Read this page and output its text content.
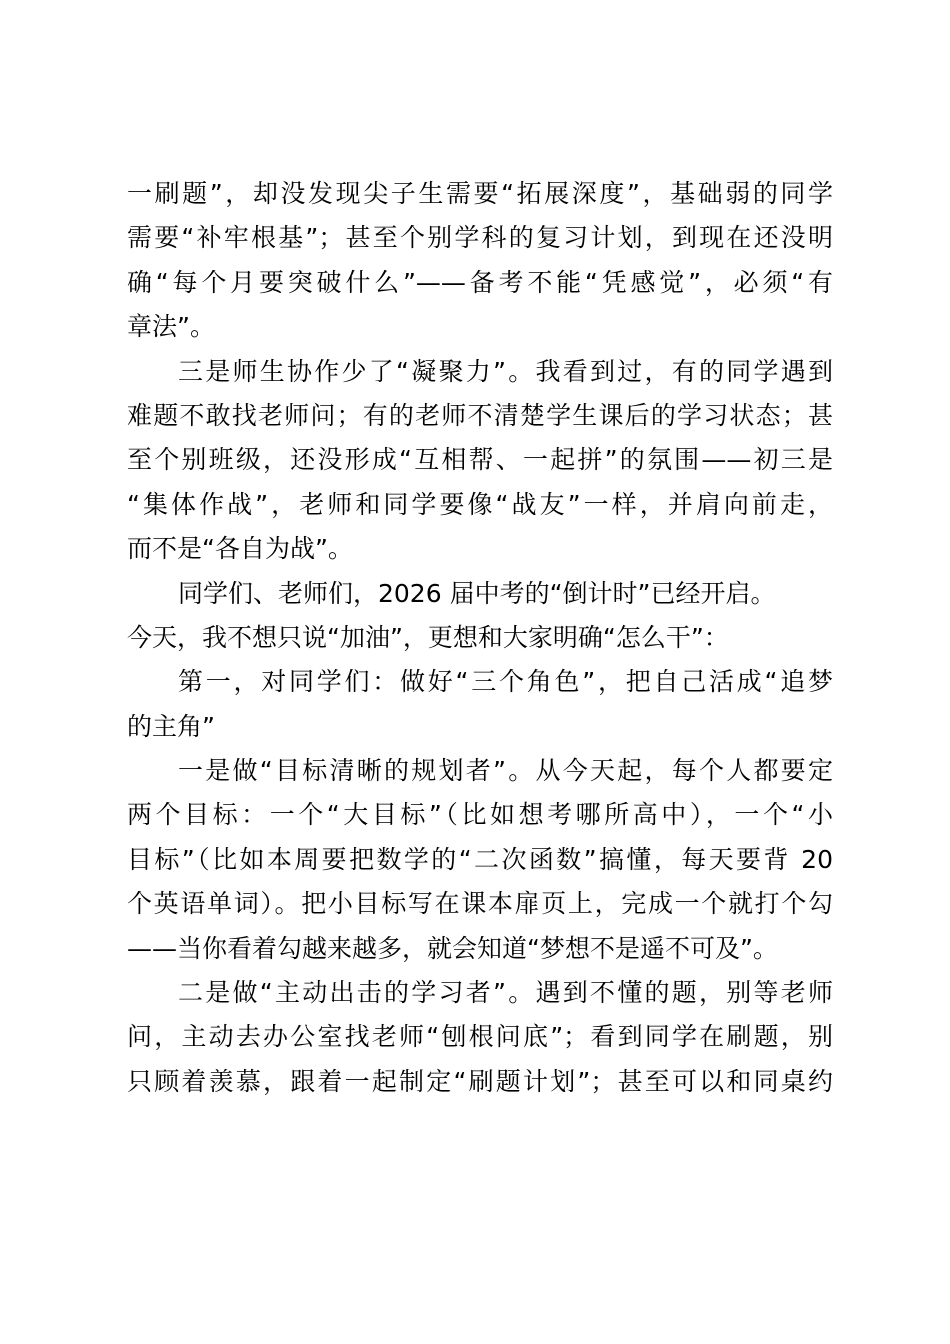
一刷题”，却没发现尖子生需要“拓展深度”，基础弱的同学
需要“补牢根基”；甚至个别学科的复习计划，到现在还没明
确“每个月要突破什么”——备考不能“凭感觉”，必须“有
章法”。
三是师生协作少了“凝聚力”。我看到过，有的同学遇到
难题不敢找老师问；有的老师不清楚学生课后的学习状态；甚
至个别班级，还没形成“互相帮、一起拼”的氛围——初三是
“集体作战”，老师和同学要像“战友”一样，并肩向前走，
而不是“各自为战”。
同学们、老师们，2026 届中考的“倒计时”已经开启。
今天，我不想只说“加油”，更想和大家明确“怎么干”：
第一，对同学们：做好“三个角色”，把自己活成“追梦
的主角”
一是做“目标清晰的规划者”。从今天起，每个人都要定
两个目标：一个“大目标”（比如想考哪所高中），一个“小
目标”（比如本周要把数学的“二次函数”搞懂，每天要背 20
个英语单词）。把小目标写在课本扉页上，完成一个就打个勾
——当你看着勾越来越多，就会知道“梦想不是遥不可及”。
二是做“主动出击的学习者”。遇到不懂的题，别等老师
问，主动去办公室找老师“刨根问底”；看到同学在刷题，别
只顾着羡慕，跟着一起制定“刷题计划”；甚至可以和同桌约
